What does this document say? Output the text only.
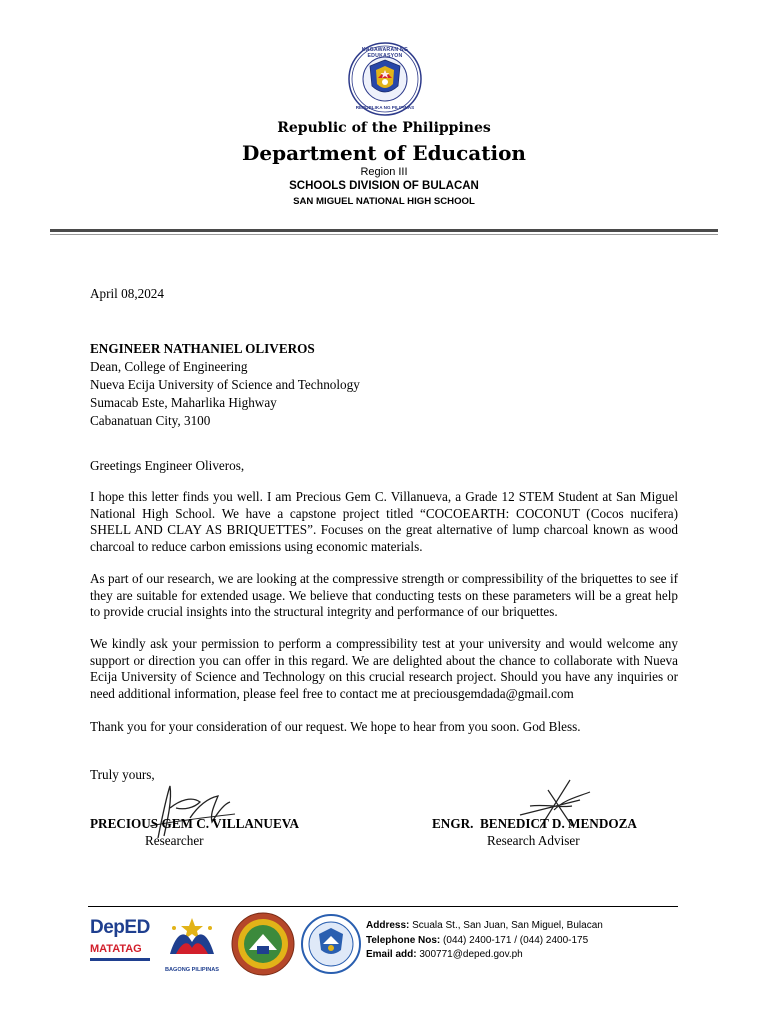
KAGAWARAN NG EDUKASYON
REPUBLIKA NG PILIPINAS
Republic of the Philippines
Department of Education
Region III
SCHOOLS DIVISION OF BULACAN
SAN MIGUEL NATIONAL HIGH SCHOOL
April 08,2024
ENGINEER NATHANIEL OLIVEROS
Dean, College of Engineering
Nueva Ecija University of Science and Technology
Sumacab Este, Maharlika Highway
Cabanatuan City, 3100
Greetings Engineer Oliveros,
I hope this letter finds you well. I am Precious Gem C. Villanueva, a Grade 12 STEM Student at San Miguel National High School. We have a capstone project titled “COCOEARTH: COCONUT (Cocos nucifera) SHELL AND CLAY AS BRIQUETTES”. Focuses on the great alternative of lump charcoal known as wood charcoal to reduce carbon emissions using economic materials.
As part of our research, we are looking at the compressive strength or compressibility of the briquettes to see if they are suitable for extended usage. We believe that conducting tests on these parameters will be a great help to provide crucial insights into the structural integrity and performance of our briquettes.
We kindly ask your permission to perform a compressibility test at your university and would welcome any support or direction you can offer in this regard. We are delighted about the chance to collaborate with Nueva Ecija University of Science and Technology on this crucial research project. Should you have any inquiries or need additional information, please feel free to contact me at preciousgemdada@gmail.com
Thank you for your consideration of our request. We hope to hear from you soon. God Bless.
Truly yours,
PRECIOUS GEM C. VILLANUEVA
Researcher
ENGR.  BENEDICT D. MENDOZA
Research Adviser
DepED
MATATAG
BAGONG PILIPINAS
Address: Scuala St., San Juan, San Miguel, Bulacan
Telephone Nos: (044) 2400-171 / (044) 2400-175
Email add: 300771@deped.gov.ph
